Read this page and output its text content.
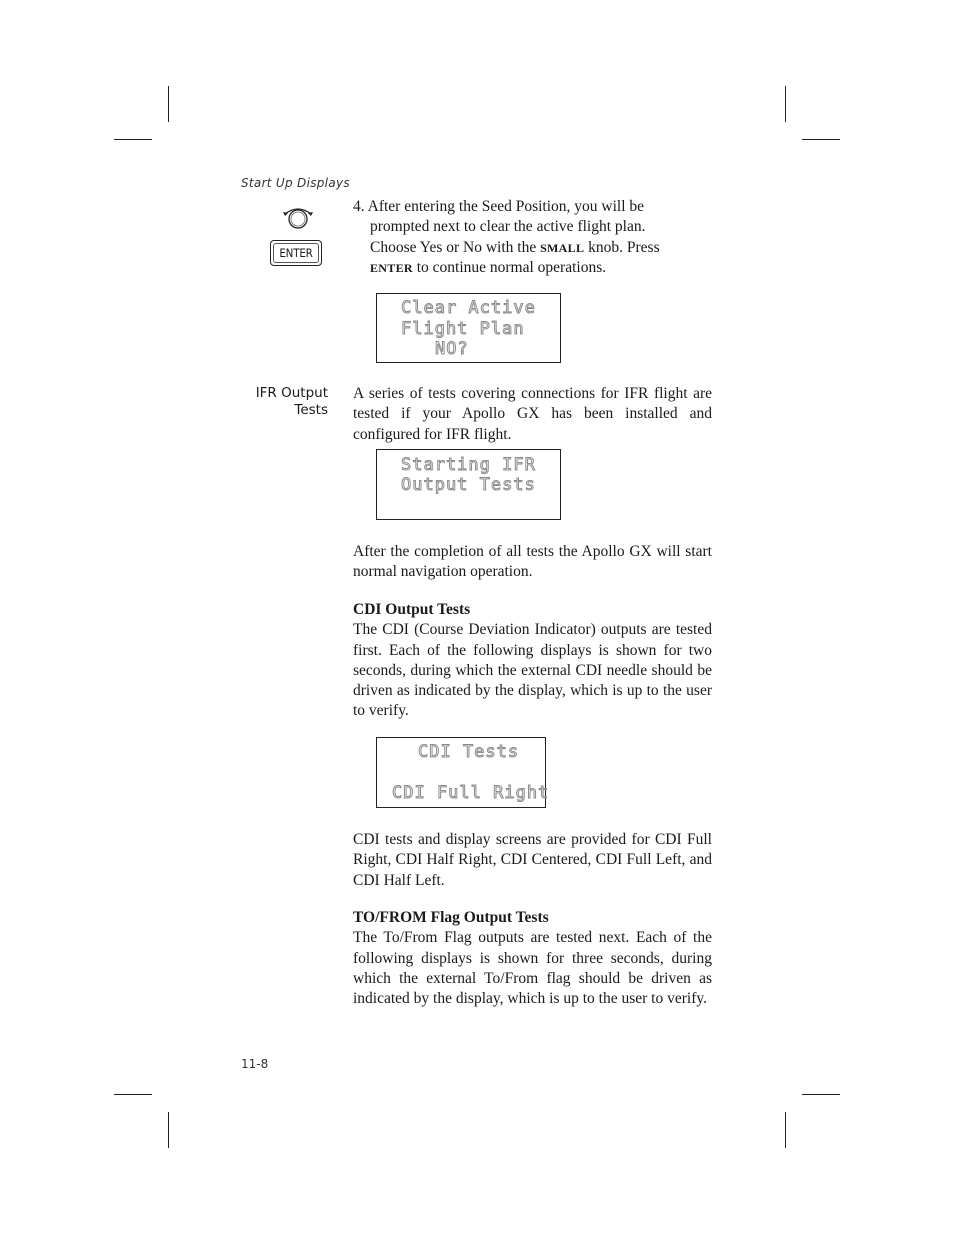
Start Up Displays
ENTER
4. After entering the Seed Position, you will be
prompted next to clear the active flight plan.
Choose Yes or No with the SMALL knob. Press
ENTER to continue normal operations.
Clear Active
Flight Plan
NO?
IFR Output
Tests
A series of tests covering connections for IFR flight are tested if your Apollo GX has been installed and configured for IFR flight.
Starting IFR
Output Tests
After the completion of all tests the Apollo GX will start normal navigation operation.
CDI Output Tests
The CDI (Course Deviation Indicator) outputs are tested first. Each of the following displays is shown for two seconds, during which the external CDI needle should be driven as indicated by the display, which is up to the user to verify.
CDI Tests
CDI Full Right
CDI tests and display screens are provided for CDI Full Right, CDI Half Right, CDI Centered, CDI Full Left, and CDI Half Left.
TO/FROM Flag Output Tests
The To/From Flag outputs are tested next. Each of the following displays is shown for three seconds, during which the external To/From flag should be driven as indicated by the display, which is up to the user to verify.
11-8
